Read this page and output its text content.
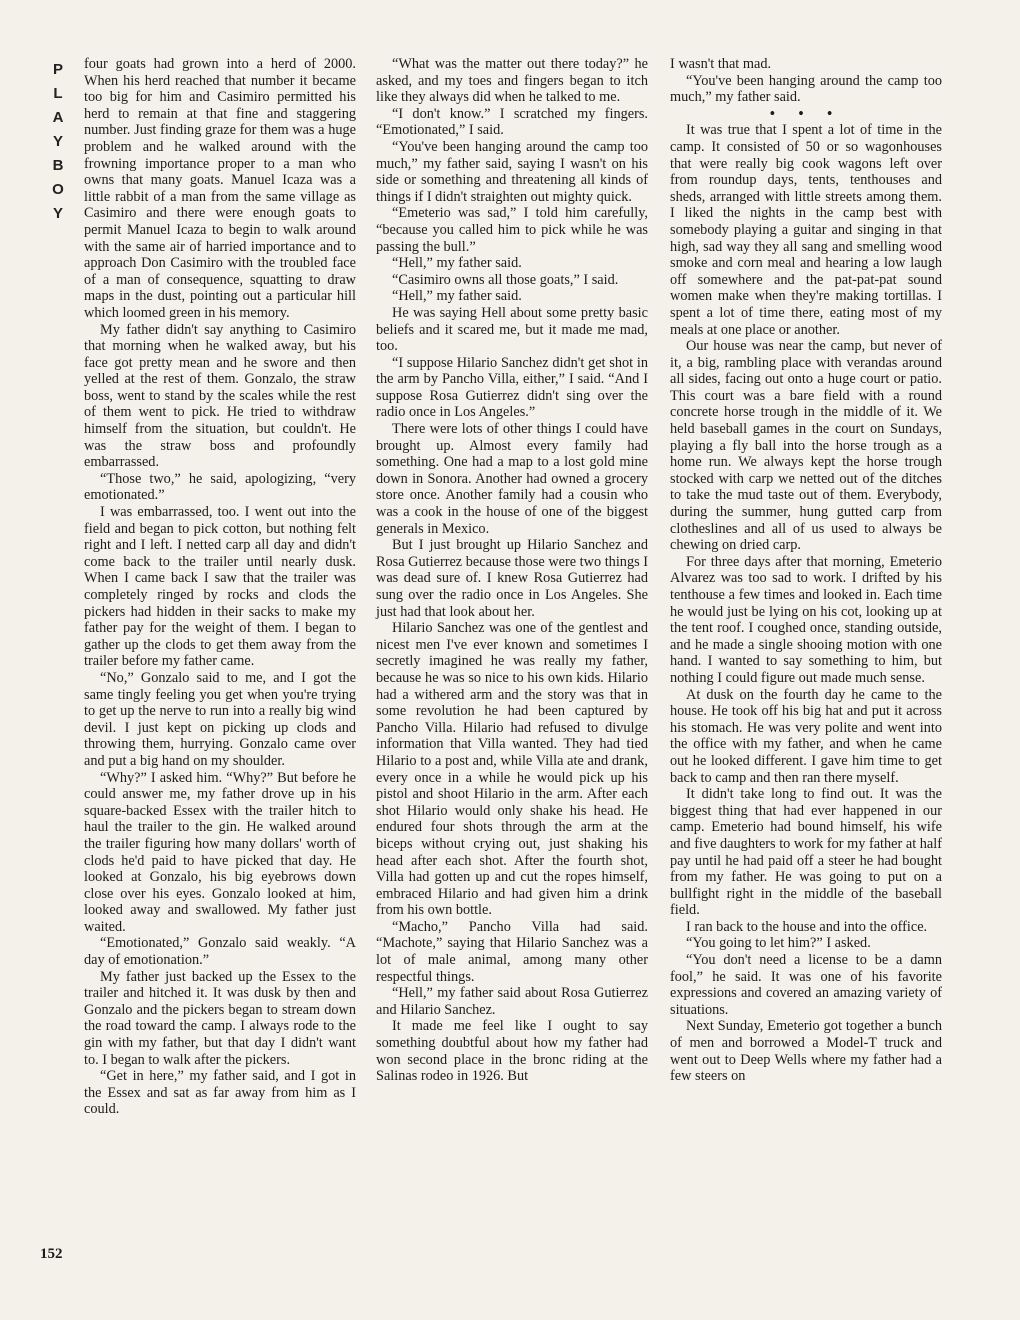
PLAYBOY

four goats had grown into a herd of 2000. When his herd reached that number it became too big for him and Casimiro permitted his herd to remain at that fine and staggering number. Just finding graze for them was a huge problem and he walked around with the frowning importance proper to a man who owns that many goats. Manuel Icaza was a little rabbit of a man from the same village as Casimiro and there were enough goats to permit Manuel Icaza to begin to walk around with the same air of harried importance and to approach Don Casimiro with the troubled face of a man of consequence, squatting to draw maps in the dust, pointing out a particular hill which loomed green in his memory.

My father didn't say anything to Casimiro that morning when he walked away, but his face got pretty mean and he swore and then yelled at the rest of them. Gonzalo, the straw boss, went to stand by the scales while the rest of them went to pick. He tried to withdraw himself from the situation, but couldn't. He was the straw boss and profoundly embarrassed.

“Those two,” he said, apologizing, “very emotionated.”

I was embarrassed, too. I went out into the field and began to pick cotton, but nothing felt right and I left. I netted carp all day and didn't come back to the trailer until nearly dusk. When I came back I saw that the trailer was completely ringed by rocks and clods the pickers had hidden in their sacks to make my father pay for the weight of them. I began to gather up the clods to get them away from the trailer before my father came.

“No,” Gonzalo said to me, and I got the same tingly feeling you get when you're trying to get up the nerve to run into a really big wind devil. I just kept on picking up clods and throwing them, hurrying. Gonzalo came over and put a big hand on my shoulder.

“Why?” I asked him. “Why?” But before he could answer me, my father drove up in his square-backed Essex with the trailer hitch to haul the trailer to the gin. He walked around the trailer figuring how many dollars' worth of clods he'd paid to have picked that day. He looked at Gonzalo, his big eyebrows down close over his eyes. Gonzalo looked at him, looked away and swallowed. My father just waited.

“Emotionated,” Gonzalo said weakly. “A day of emotionation.”

My father just backed up the Essex to the trailer and hitched it. It was dusk by then and Gonzalo and the pickers began to stream down the road toward the camp. I always rode to the gin with my father, but that day I didn't want to. I began to walk after the pickers.

“Get in here,” my father said, and I got in the Essex and sat as far away from him as I could.

“What was the matter out there today?” he asked, and my toes and fingers began to itch like they always did when he talked to me.

“I don't know.” I scratched my fingers. “Emotionated,” I said.

“You've been hanging around the camp too much,” my father said, saying I wasn't on his side or something and threatening all kinds of things if I didn't straighten out mighty quick.

“Emeterio was sad,” I told him carefully, “because you called him to pick while he was passing the bull.”

“Hell,” my father said.

“Casimiro owns all those goats,” I said.

“Hell,” my father said.

He was saying Hell about some pretty basic beliefs and it scared me, but it made me mad, too.

“I suppose Hilario Sanchez didn't get shot in the arm by Pancho Villa, either,” I said. “And I suppose Rosa Gutierrez didn't sing over the radio once in Los Angeles.”

There were lots of other things I could have brought up. Almost every family had something. One had a map to a lost gold mine down in Sonora. Another had owned a grocery store once. Another family had a cousin who was a cook in the house of one of the biggest generals in Mexico.

But I just brought up Hilario Sanchez and Rosa Gutierrez because those were two things I was dead sure of. I knew Rosa Gutierrez had sung over the radio once in Los Angeles. She just had that look about her.

Hilario Sanchez was one of the gentlest and nicest men I've ever known and sometimes I secretly imagined he was really my father, because he was so nice to his own kids. Hilario had a withered arm and the story was that in some revolution he had been captured by Pancho Villa. Hilario had refused to divulge information that Villa wanted. They had tied Hilario to a post and, while Villa ate and drank, every once in a while he would pick up his pistol and shoot Hilario in the arm. After each shot Hilario would only shake his head. He endured four shots through the arm at the biceps without crying out, just shaking his head after each shot. After the fourth shot, Villa had gotten up and cut the ropes himself, embraced Hilario and had given him a drink from his own bottle.

“Macho,” Pancho Villa had said. “Machote,” saying that Hilario Sanchez was a lot of male animal, among many other respectful things.

“Hell,” my father said about Rosa Gutierrez and Hilario Sanchez.

It made me feel like I ought to say something doubtful about how my father had won second place in the bronc riding at the Salinas rodeo in 1926. But

I wasn't that mad.

“You've been hanging around the camp too much,” my father said.

• • •

It was true that I spent a lot of time in the camp. It consisted of 50 or so wagonhouses that were really big cook wagons left over from roundup days, tents, tenthouses and sheds, arranged with little streets among them. I liked the nights in the camp best with somebody playing a guitar and singing in that high, sad way they all sang and smelling wood smoke and corn meal and hearing a low laugh off somewhere and the pat-pat-pat sound women make when they're making tortillas. I spent a lot of time there, eating most of my meals at one place or another.

Our house was near the camp, but never of it, a big, rambling place with verandas around all sides, facing out onto a huge court or patio. This court was a bare field with a round concrete horse trough in the middle of it. We held baseball games in the court on Sundays, playing a fly ball into the horse trough as a home run. We always kept the horse trough stocked with carp we netted out of the ditches to take the mud taste out of them. Everybody, during the summer, hung gutted carp from clotheslines and all of us used to always be chewing on dried carp.

For three days after that morning, Emeterio Alvarez was too sad to work. I drifted by his tenthouse a few times and looked in. Each time he would just be lying on his cot, looking up at the tent roof. I coughed once, standing outside, and he made a single shooing motion with one hand. I wanted to say something to him, but nothing I could figure out made much sense.

At dusk on the fourth day he came to the house. He took off his big hat and put it across his stomach. He was very polite and went into the office with my father, and when he came out he looked different. I gave him time to get back to camp and then ran there myself.

It didn't take long to find out. It was the biggest thing that had ever happened in our camp. Emeterio had bound himself, his wife and five daughters to work for my father at half pay until he had paid off a steer he had bought from my father. He was going to put on a bullfight right in the middle of the baseball field.

I ran back to the house and into the office.

“You going to let him?” I asked.

“You don't need a license to be a damn fool,” he said. It was one of his favorite expressions and covered an amazing variety of situations.

Next Sunday, Emeterio got together a bunch of men and borrowed a Model-T truck and went out to Deep Wells where my father had a few steers on

152
